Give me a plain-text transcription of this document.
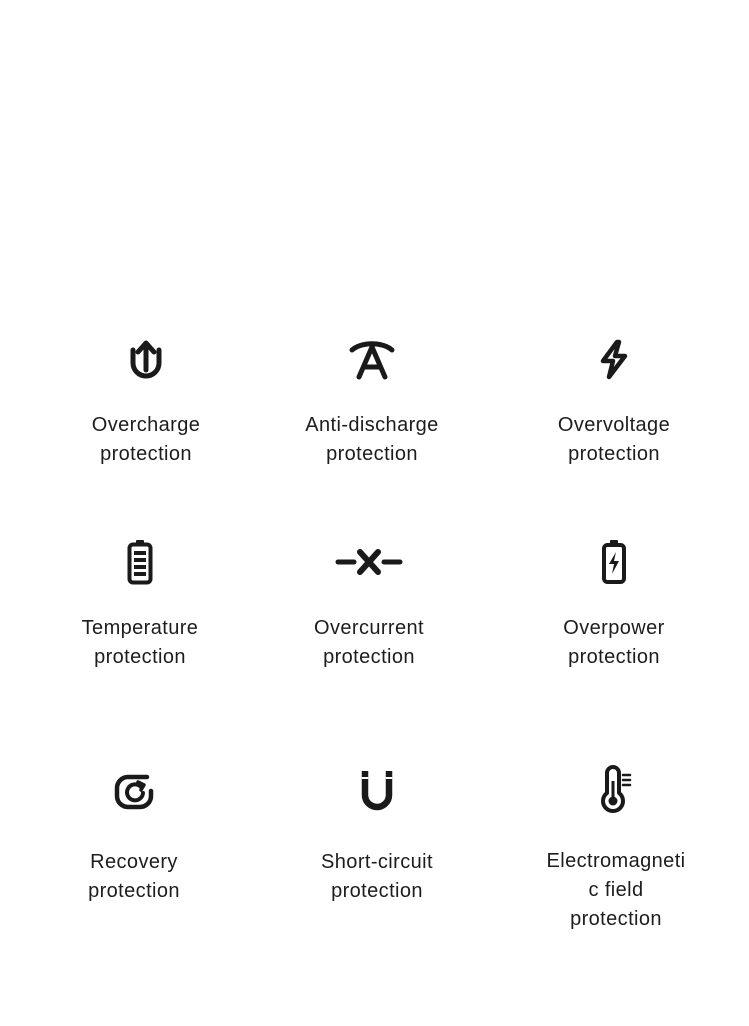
Overcharge
protection
Anti-discharge
protection
Overvoltage
protection
Temperature
protection
Overcurrent
protection
Overpower
protection
Recovery
protection
Short-circuit
protection
Electromagneti
c field
protection
